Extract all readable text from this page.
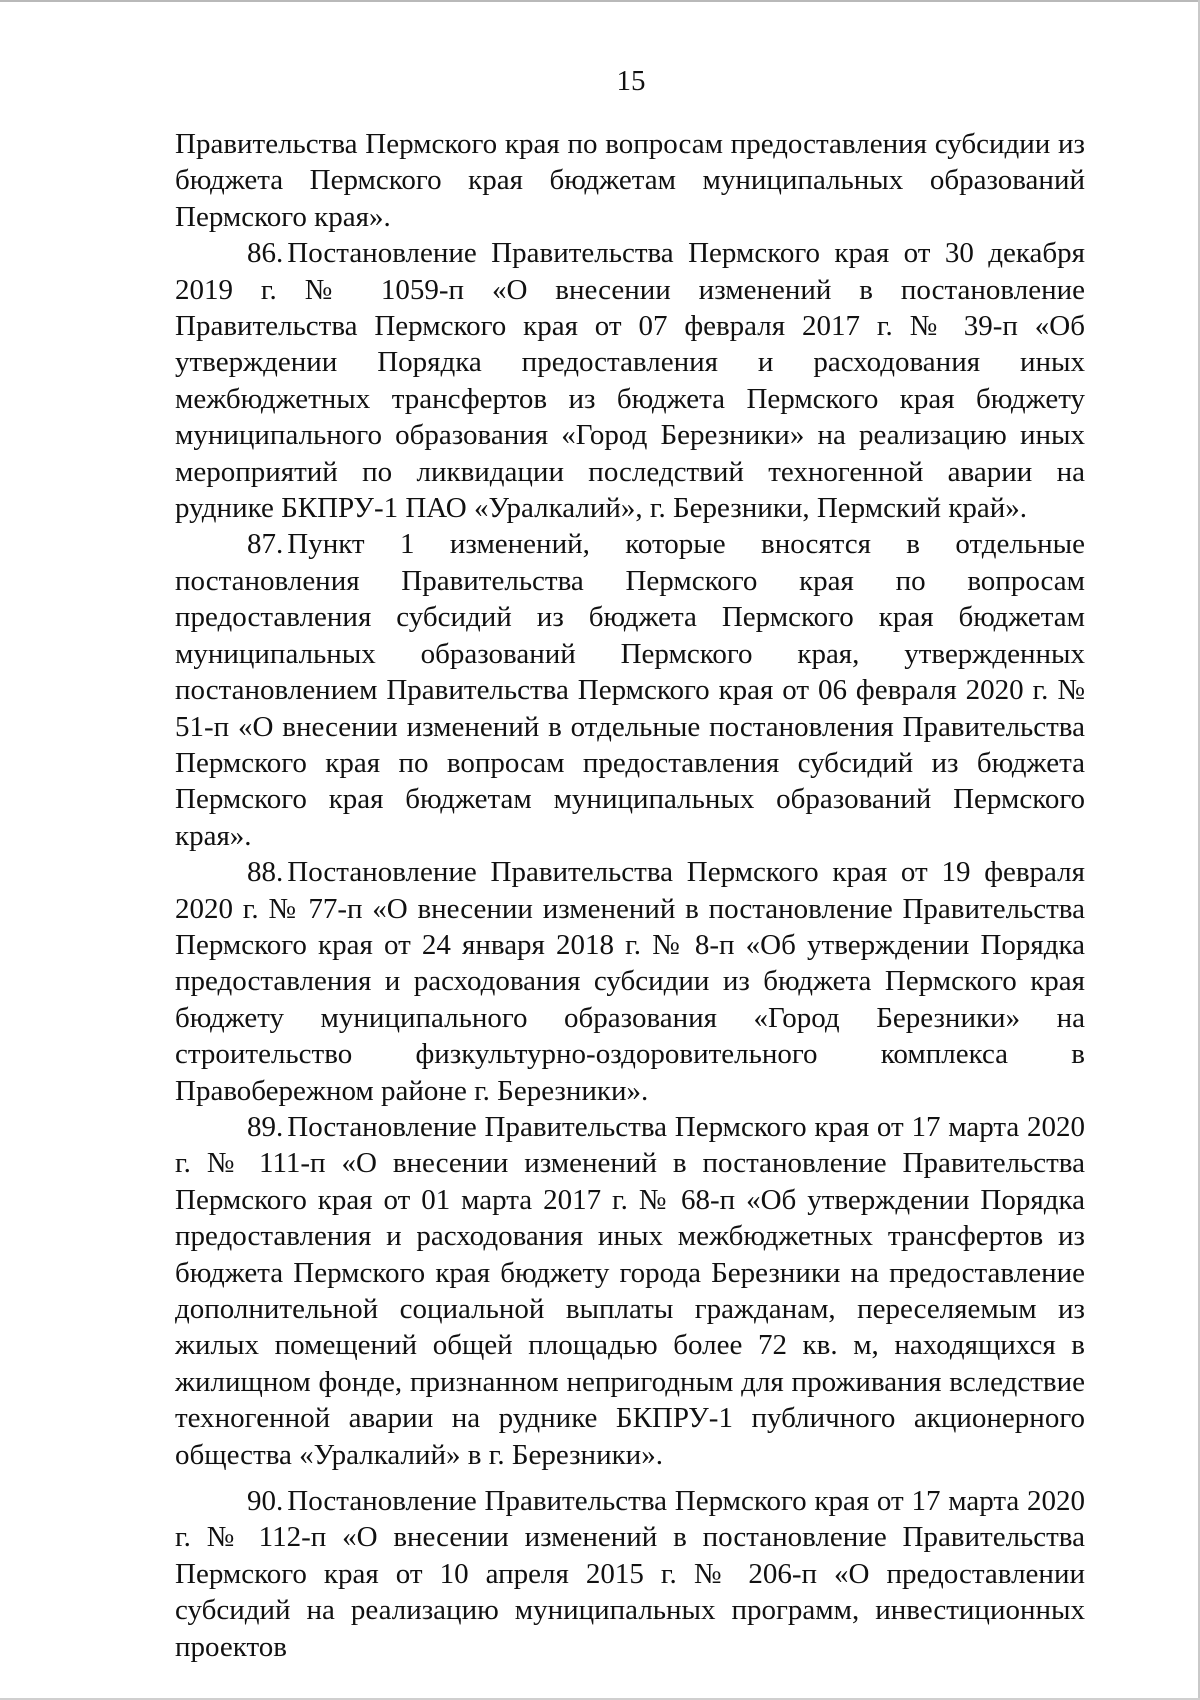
15

Правительства Пермского края по вопросам предоставления субсидии из бюджета Пермского края бюджетам муниципальных образований Пермского края».

86. Постановление Правительства Пермского края от 30 декабря 2019 г. № 1059-п «О внесении изменений в постановление Правительства Пермского края от 07 февраля 2017 г. № 39-п «Об утверждении Порядка предоставления и расходования иных межбюджетных трансфертов из бюджета Пермского края бюджету муниципального образования «Город Березники» на реализацию иных мероприятий по ликвидации последствий техногенной аварии на руднике БКПРУ-1 ПАО «Уралкалий», г. Березники, Пермский край».

87. Пункт 1 изменений, которые вносятся в отдельные постановления Правительства Пермского края по вопросам предоставления субсидий из бюджета Пермского края бюджетам муниципальных образований Пермского края, утвержденных постановлением Правительства Пермского края от 06 февраля 2020 г. № 51-п «О внесении изменений в отдельные постановления Правительства Пермского края по вопросам предоставления субсидий из бюджета Пермского края бюджетам муниципальных образований Пермского края».

88. Постановление Правительства Пермского края от 19 февраля 2020 г. № 77-п «О внесении изменений в постановление Правительства Пермского края от 24 января 2018 г. № 8-п «Об утверждении Порядка предоставления и расходования субсидии из бюджета Пермского края бюджету муниципального образования «Город Березники» на строительство физкультурно-оздоровительного комплекса в Правобережном районе г. Березники».

89. Постановление Правительства Пермского края от 17 марта 2020 г. № 111-п «О внесении изменений в постановление Правительства Пермского края от 01 марта 2017 г. № 68-п «Об утверждении Порядка предоставления и расходования иных межбюджетных трансфертов из бюджета Пермского края бюджету города Березники на предоставление дополнительной социальной выплаты гражданам, переселяемым из жилых помещений общей площадью более 72 кв. м, находящихся в жилищном фонде, признанном непригодным для проживания вследствие техногенной аварии на руднике БКПРУ-1 публичного акционерного общества «Уралкалий» в г. Березники».

90. Постановление Правительства Пермского края от 17 марта 2020 г. № 112-п «О внесении изменений в постановление Правительства Пермского края от 10 апреля 2015 г. № 206-п «О предоставлении субсидий на реализацию муниципальных программ, инвестиционных проектов
